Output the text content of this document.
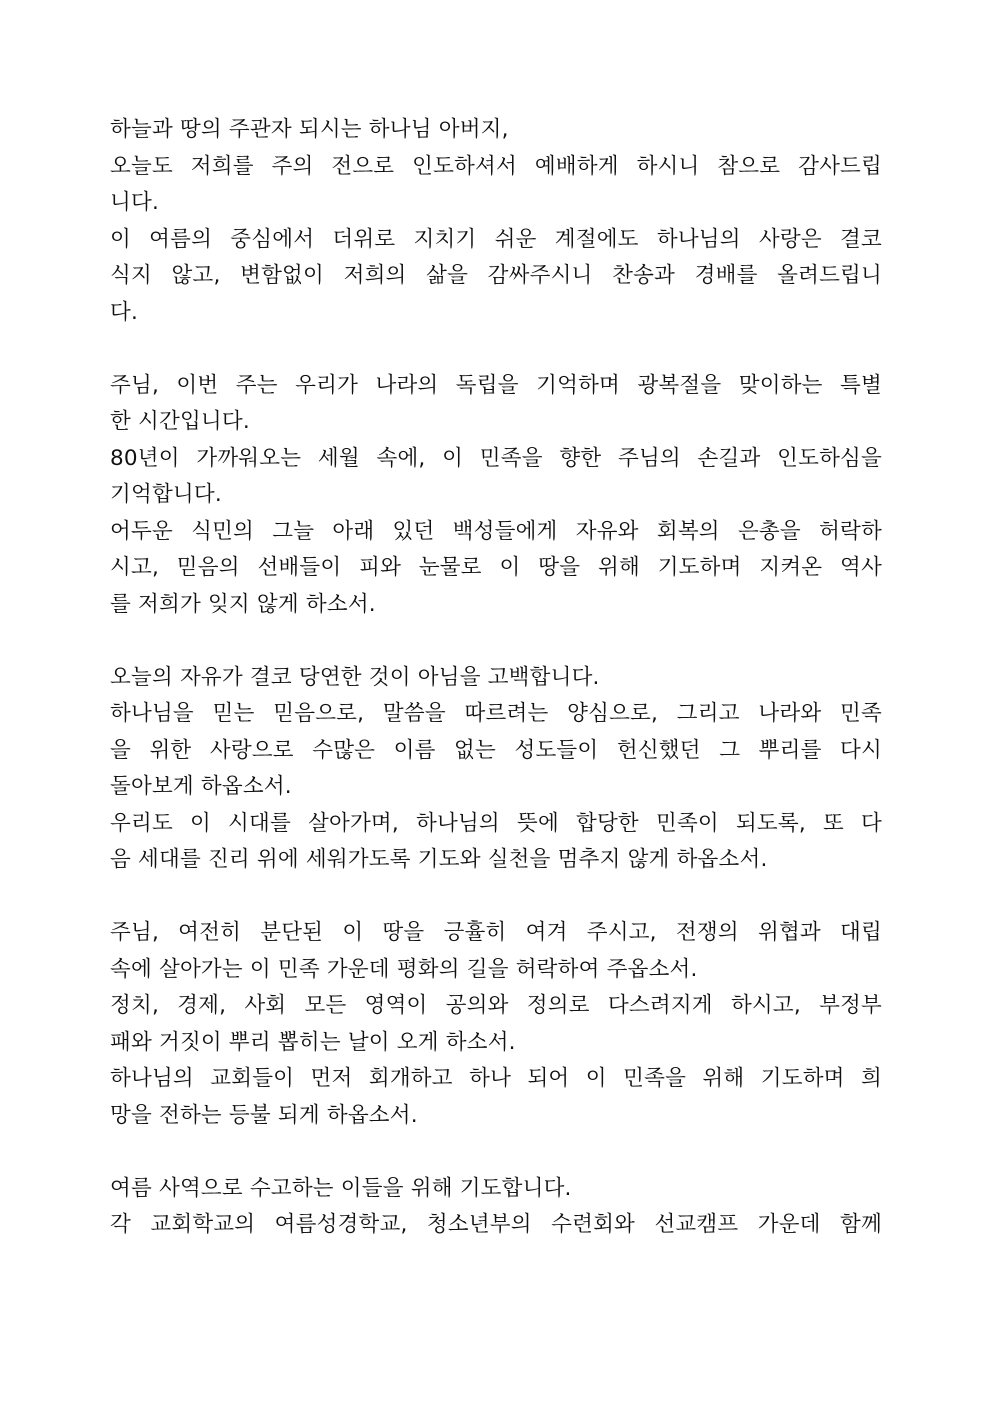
하늘과 땅의 주관자 되시는 하나님 아버지,
오늘도 저희를 주의 전으로 인도하셔서 예배하게 하시니 참으로 감사드립
니다.
이 여름의 중심에서 더위로 지치기 쉬운 계절에도 하나님의 사랑은 결코
식지 않고, 변함없이 저희의 삶을 감싸주시니 찬송과 경배를 올려드립니
다.
주님, 이번 주는 우리가 나라의 독립을 기억하며 광복절을 맞이하는 특별
한 시간입니다.
80년이 가까워오는 세월 속에, 이 민족을 향한 주님의 손길과 인도하심을
기억합니다.
어두운 식민의 그늘 아래 있던 백성들에게 자유와 회복의 은총을 허락하
시고, 믿음의 선배들이 피와 눈물로 이 땅을 위해 기도하며 지켜온 역사
를 저희가 잊지 않게 하소서.
오늘의 자유가 결코 당연한 것이 아님을 고백합니다.
하나님을 믿는 믿음으로, 말씀을 따르려는 양심으로, 그리고 나라와 민족
을 위한 사랑으로 수많은 이름 없는 성도들이 헌신했던 그 뿌리를 다시
돌아보게 하옵소서.
우리도 이 시대를 살아가며, 하나님의 뜻에 합당한 민족이 되도록, 또 다
음 세대를 진리 위에 세워가도록 기도와 실천을 멈추지 않게 하옵소서.
주님, 여전히 분단된 이 땅을 긍휼히 여겨 주시고, 전쟁의 위협과 대립
속에 살아가는 이 민족 가운데 평화의 길을 허락하여 주옵소서.
정치, 경제, 사회 모든 영역이 공의와 정의로 다스려지게 하시고, 부정부
패와 거짓이 뿌리 뽑히는 날이 오게 하소서.
하나님의 교회들이 먼저 회개하고 하나 되어 이 민족을 위해 기도하며 희
망을 전하는 등불 되게 하옵소서.
여름 사역으로 수고하는 이들을 위해 기도합니다.
각 교회학교의 여름성경학교, 청소년부의 수련회와 선교캠프 가운데 함께
